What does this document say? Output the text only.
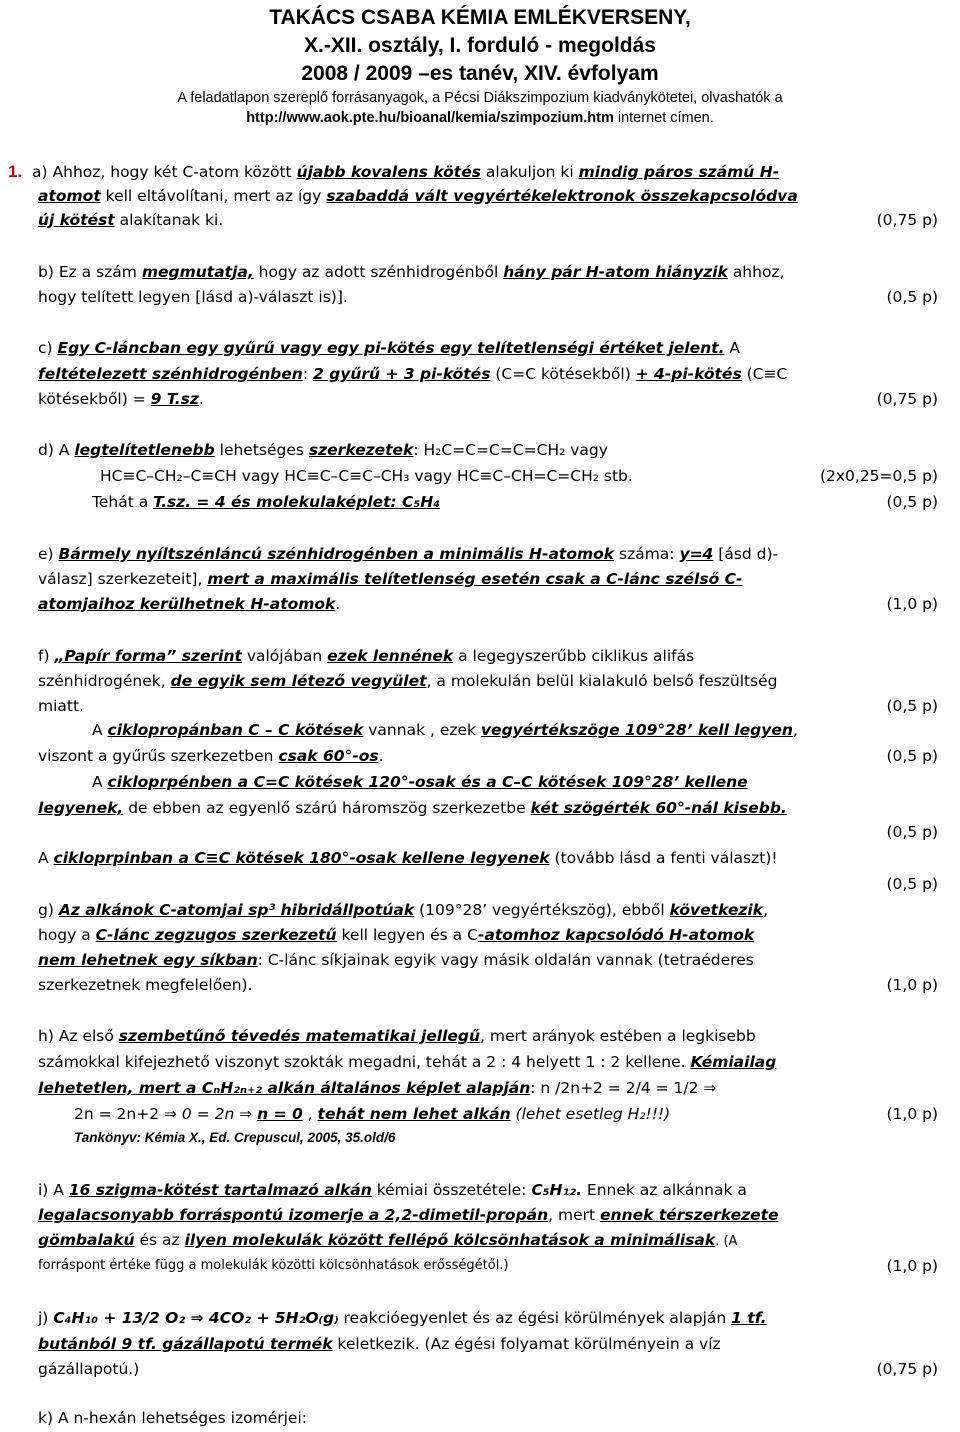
TAKÁCS CSABA KÉMIA EMLÉKVERSENY,
X.-XII. osztály, I. forduló - megoldás
2008 / 2009 –es tanév, XIV. évfolyam
A feladatlapon szereplő forrásanyagok, a Pécsi Diákszimpozium kiadványkötetei, olvashatók a
http://www.aok.pte.hu/bioanal/kemia/szimpozium.htm internet címen.
1. a) Ahhoz, hogy két C-atom között újabb kovalens kötés alakuljon ki mindig páros számú H-
atomot kell eltávolítani, mert az így szabaddá vált vegyértékelektronok összekapcsolódva
új kötést alakítanak ki.	(0,75 p)
b) Ez a szám megmutatja, hogy az adott szénhidrogénből hány pár H-atom hiányzik ahhoz,
hogy telített legyen [lásd a)-választ is)].	(0,5 p)
c) Egy C-láncban egy gyűrű vagy egy pi-kötés egy telítetlenségi értéket jelent. A
feltételezett szénhidrogénben: 2 gyűrű + 3 pi-kötés (C=C kötésekből) + 4-pi-kötés (C≡C
kötésekből) = 9 T.sz.	(0,75 p)
d) A legtelítetlenebb lehetséges szerkezetek: H₂C=C=C=C=CH₂ vagy
HC≡C–CH₂–C≡CH vagy HC≡C–C≡C–CH₃ vagy HC≡C–CH=C=CH₂ stb.	(2x0,25=0,5 p)
Tehát a T.sz. = 4 és molekulaképlet: C₅H₄	(0,5 p)
e) Bármely nyíltszénláncú szénhidrogénben a minimális H-atomok száma: y=4 [ásd d)-
válasz] szerkezeteit], mert a maximális telítetlenség esetén csak a C-lánc szélső C-
atomjaihoz kerülhetnek H-atomok.	(1,0 p)
f) „Papír forma” szerint valójában ezek lennének a legegyszerűbb ciklikus alifás
szénhidrogének, de egyik sem létező vegyület, a molekulán belül kialakuló belső feszültség
miatt.	(0,5 p)
A ciklopropánban C – C kötések vannak , ezek vegyértékszöge 109°28’ kell legyen,
viszont a gyűrűs szerkezetben csak 60°-os.	(0,5 p)
A cikloprpénben a C=C kötések 120°-osak és a C–C kötések 109°28’ kellene
legyenek, de ebben az egyenlő szárú háromszög szerkezetbe két szögérték 60°-nál kisebb.
(0,5 p)
A cikloprpinban a C≡C kötések 180°-osak kellene legyenek (tovább lásd a fenti választ)!
(0,5 p)
g) Az alkánok C-atomjai sp³ hibridállpotúak (109°28’ vegyértékszög), ebből következik,
hogy a C-lánc zegzugos szerkezetű kell legyen és a C-atomhoz kapcsolódó H-atomok
nem lehetnek egy síkban: C-lánc síkjainak egyik vagy másik oldalán vannak (tetraéderes
szerkezetnek megfelelően).	(1,0 p)
h) Az első szembetűnő tévedés matematikai jellegű, mert arányok estében a legkisebb
számokkal kifejezhető viszonyt szokták megadni, tehát a 2 : 4 helyett 1 : 2 kellene. Kémiailag
lehetetlen, mert a CₙH₂ₙ₊₂ alkán általános képlet alapján: n /2n+2 = 2/4 = 1/2 ⇒
2n = 2n+2 ⇒ 0 = 2n ⇒ n = 0 , tehát nem lehet alkán (lehet esetleg H₂!!!)	(1,0 p)
Tankönyv: Kémia X., Ed. Crepuscul, 2005, 35.old/6
i) A 16 szigma-kötést tartalmazó alkán kémiai összetétele: C₅H₁₂. Ennek az alkánnak a
legalacsonyabb forráspontú izomerje a 2,2-dimetil-propán, mert ennek térszerkezete
gömbalakú és az ilyen molekulák között fellépő kölcsönhatások a minimálisak. (A
forráspont értéke függ a molekulák közötti kölcsönhatások erősségétől.)	(1,0 p)
j) C₄H₁₀ + 13/2 O₂ ⇒ 4CO₂ + 5H₂O₍g₎ reakcióegyenlet és az égési körülmények alapján 1 tf.
butánból 9 tf. gázállapotú termék keletkezik. (Az égési folyamat körülményein a víz
gázállapotú.)	(0,75 p)
k) A n-hexán lehetséges izomérjei:
